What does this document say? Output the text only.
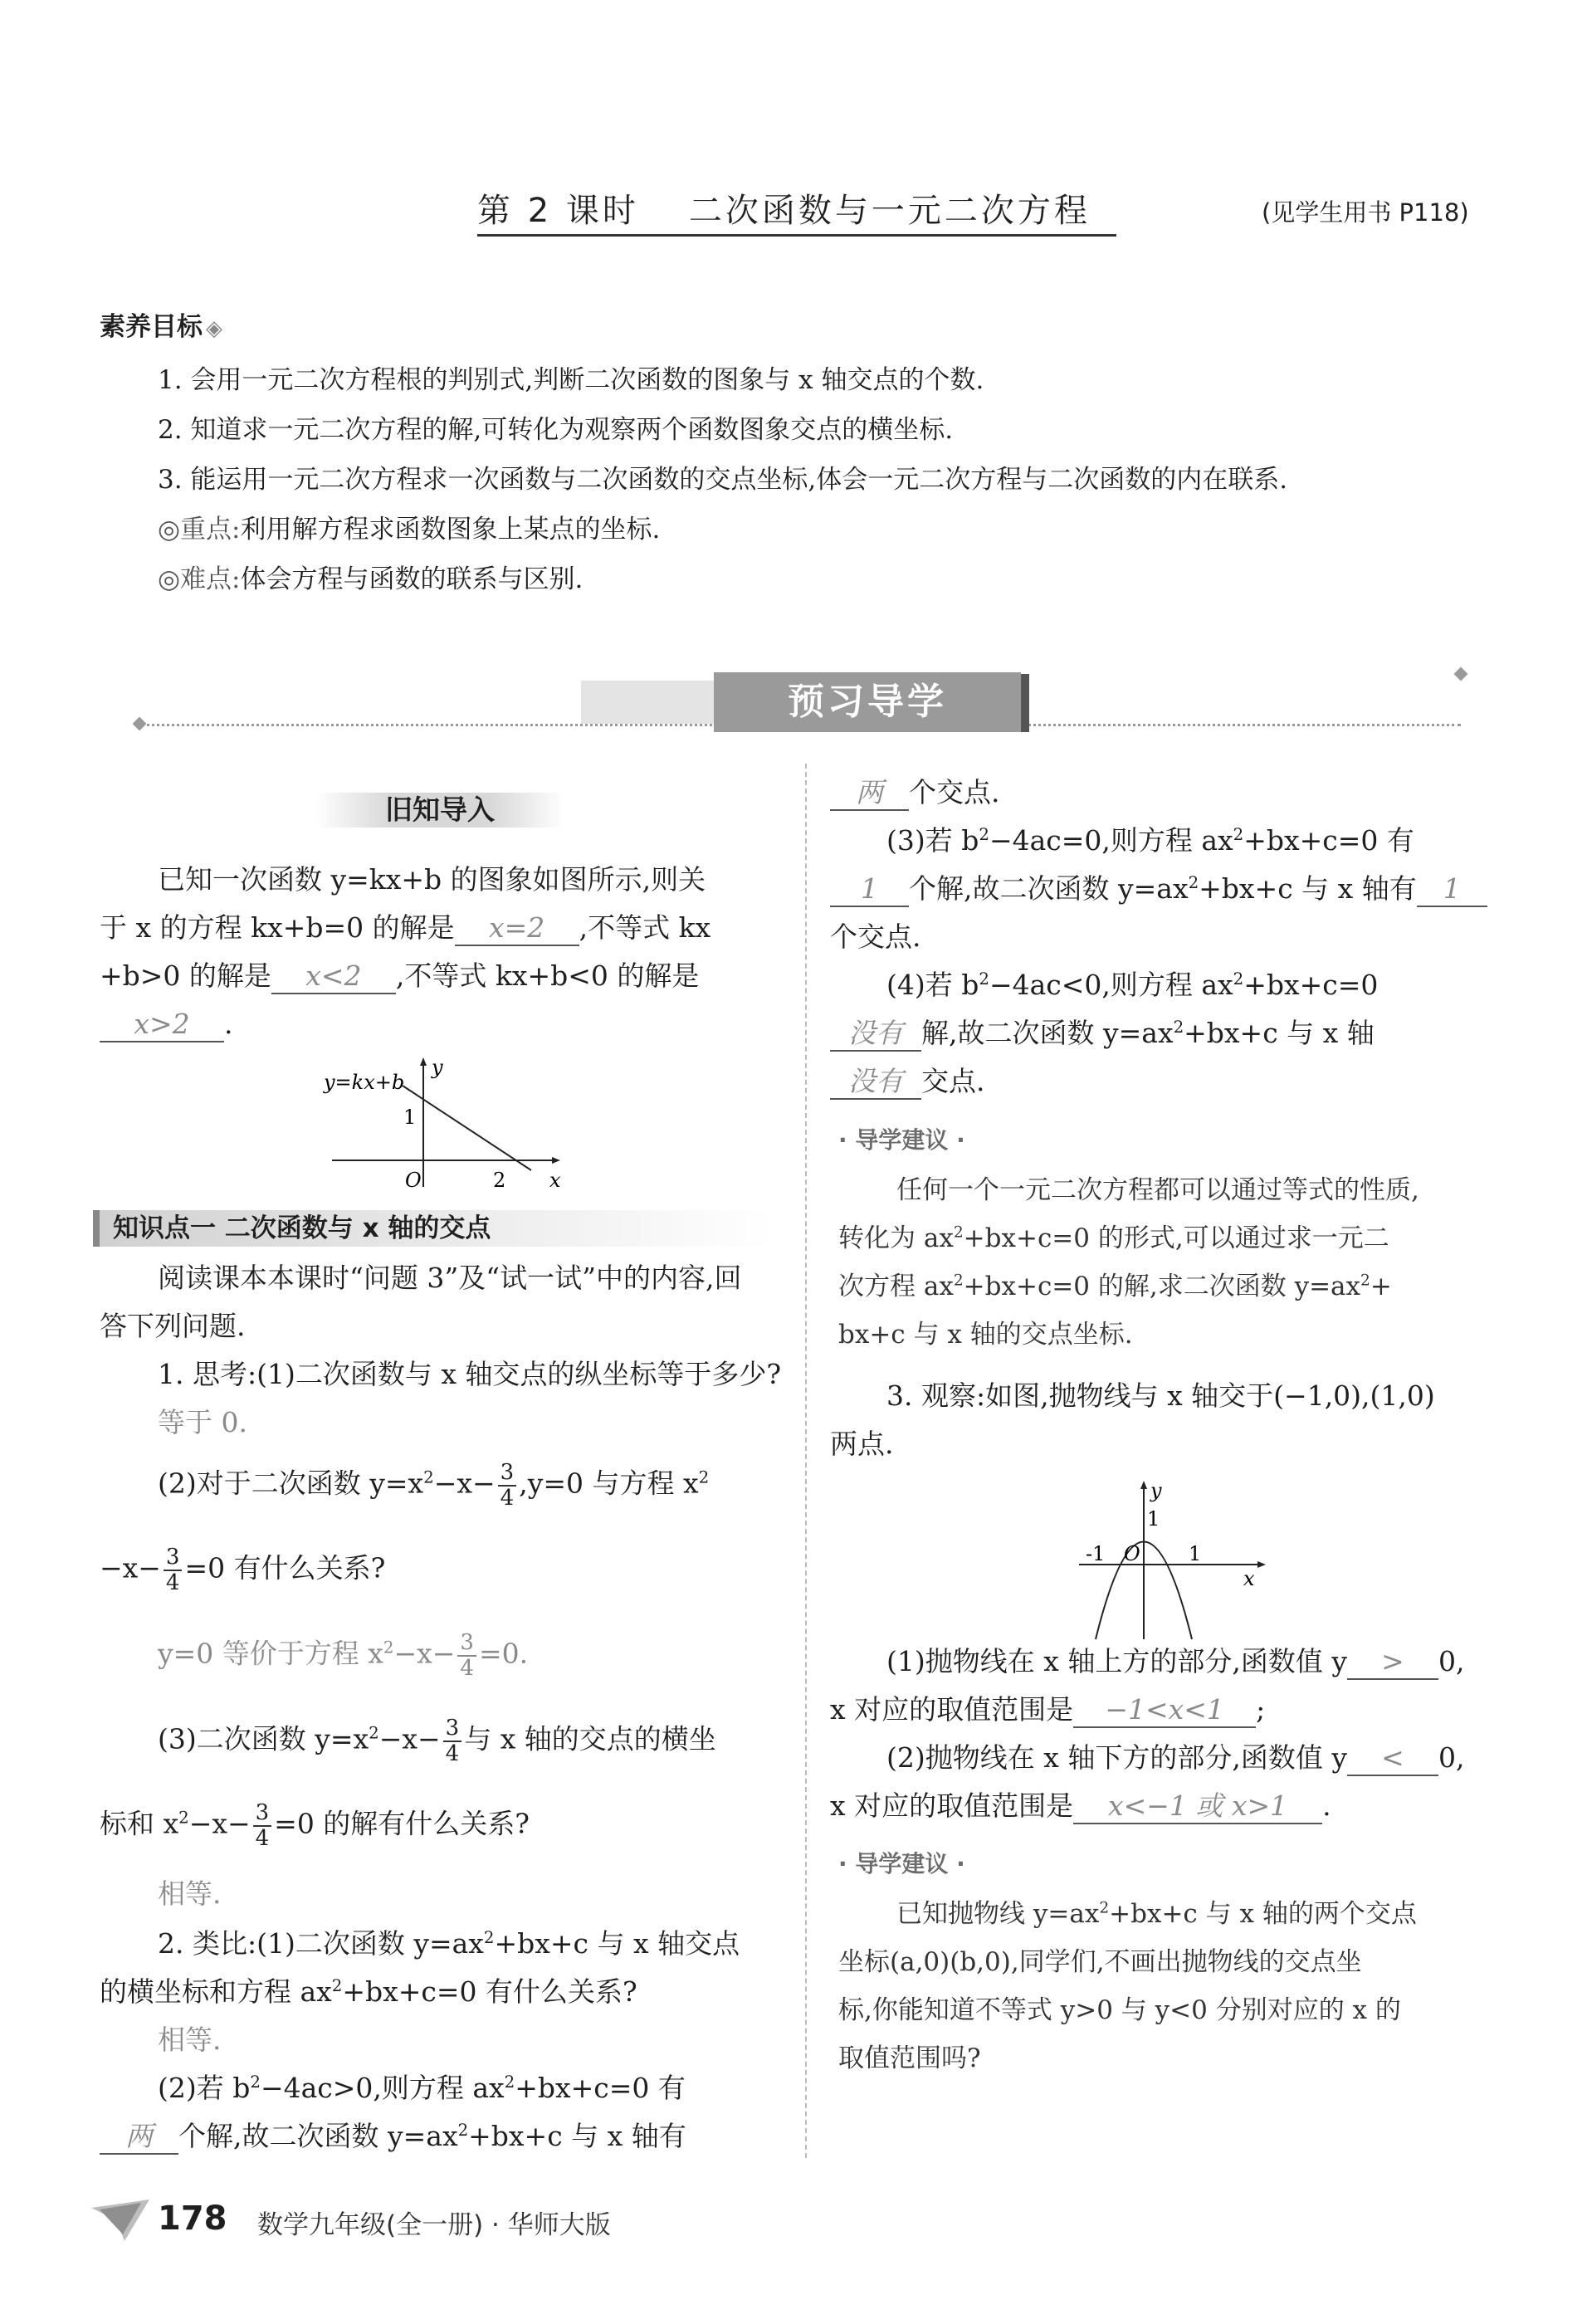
第 2 课时 二次函数与一元二次方程	(见学生用书 P118)
素养目标 ◈
1. 会用一元二次方程根的判别式,判断二次函数的图象与 x 轴交点的个数.
2. 知道求一元二次方程的解,可转化为观察两个函数图象交点的横坐标.
3. 能运用一元二次方程求一次函数与二次函数的交点坐标,体会一元二次方程与二次函数的内在联系.
◎重点:利用解方程求函数图象上某点的坐标.
◎难点:体会方程与函数的联系与区别.
预习导学
旧知导入
已知一次函数 y=kx+b 的图象如图所示,则关
于 x 的方程 kx+b=0 的解是 x=2 ,不等式 kx
+b>0 的解是 x<2 ,不等式 kx+b<0 的解是
x>2 .
y=kx+b
y
x
O
1
2
知识点一 二次函数与 x 轴的交点
阅读课本本课时“问题 3”及“试一试”中的内容,回
答下列问题.
1. 思考:(1)二次函数与 x 轴交点的纵坐标等于多少?
等于 0.
(2)对于二次函数 $y=x^2-x- \frac{3}{4} ,y=0$ 与方程 $x^2$
$-x- \frac{3}{4} =0$ 有什么关系?
y=0 等价于方程 $x^2-x- \frac{3}{4} =0$.
(3)二次函数 $y=x^2-x- \frac{3}{4}$ 与 x 轴的交点的横坐
标和 $x^2-x- \frac{3}{4} =0$ 的解有什么关系?
相等.
2. 类比:(1)二次函数 $y=ax^2+bx+c$ 与 x 轴交点
的横坐标和方程 $ax^2+bx+c=0$ 有什么关系?
相等.
(2)若 $b^2-4ac>0$,则方程 $ax^2+bx+c=0$ 有
两 个解,故二次函数 $y=ax^2+bx+c$ 与 x 轴有
两 个交点.
(3)若 $b^2-4ac=0$,则方程 $ax^2+bx+c=0$ 有
1 个解,故二次函数 $y=ax^2+bx+c$ 与 x 轴有 1
个交点.
(4)若 $b^2-4ac<0$,则方程 $ax^2+bx+c=0$
没有 解,故二次函数 $y=ax^2+bx+c$ 与 x 轴
没有 交点.
· 导学建议 ·
任何一个一元二次方程都可以通过等式的性质,
转化为 $ax^2+bx+c=0$ 的形式,可以通过求一元二
次方程 $ax^2+bx+c=0$ 的解,求二次函数 $y=ax^2+$
bx+c 与 x 轴的交点坐标.
3. 观察:如图,抛物线与 x 轴交于(−1,0),(1,0)
两点.
y
x
1
-1 O 1
(1)抛物线在 x 轴上方的部分,函数值 y > 0,
x 对应的取值范围是 −1<x<1 ;
(2)抛物线在 x 轴下方的部分,函数值 y < 0,
x 对应的取值范围是 x<−1 或 x>1 .
· 导学建议 ·
已知抛物线 $y=ax^2+bx+c$ 与 x 轴的两个交点
坐标(a,0)(b,0),同学们,不画出抛物线的交点坐
标,你能知道不等式 y>0 与 y<0 分别对应的 x 的
取值范围吗?
178 数学九年级(全一册) · 华师大版
